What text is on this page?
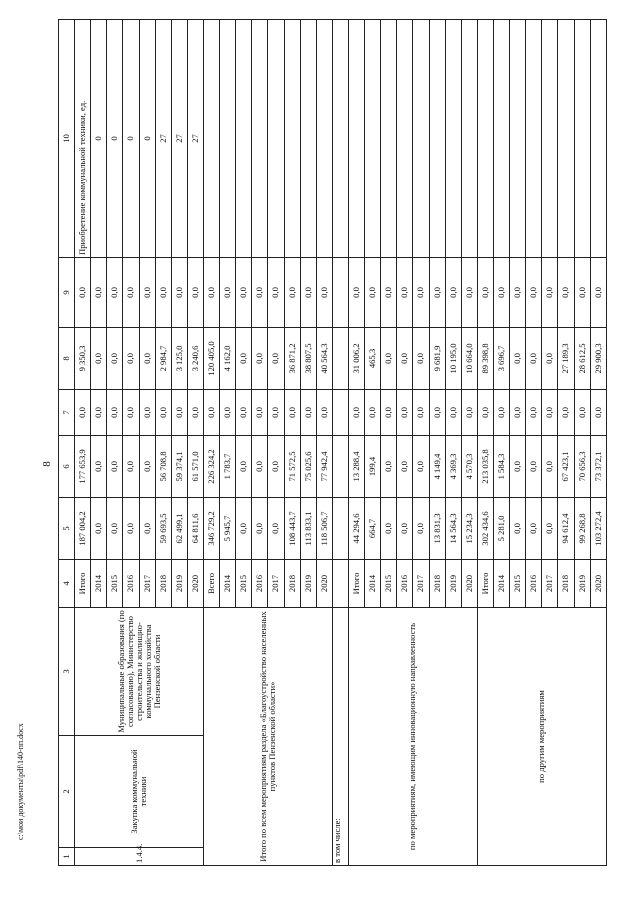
8
c:\мои документы\pdf\140-пп.docx
1	2	3	4	5	6	7	8	9	10
1.4.4.	Закупка коммунальной техники	Муниципальные образования (по согласованию), Министерство строительства и жилищно-коммунального хозяйства Пензенской области	Итого	187 004,2	177 653,9	0,0	9 350,3	0,0	Приобретение коммунальной техники, ед.
			2014	0,0	0,0	0,0	0,0	0,0	0
			2015	0,0	0,0	0,0	0,0	0,0	0
			2016	0,0	0,0	0,0	0,0	0,0	0
			2017	0,0	0,0	0,0	0,0	0,0	0
			2018	59 693,5	56 708,8	0,0	2 984,7	0,0	27
			2019	62 499,1	59 374,1	0,0	3 125,0	0,0	27
			2020	64 811,6	61 571,0	0,0	3 240,6	0,0	27
Итого по всем мероприятиям раздела «Благоустройство населенных пунктов Пензенской области»			Всего	346 729,2	226 324,2	0,0	120 405,0	0,0	
			2014	5 945,7	1 783,7	0,0	4 162,0	0,0	
			2015	0,0	0,0	0,0	0,0	0,0	
			2016	0,0	0,0	0,0	0,0	0,0	
			2017	0,0	0,0	0,0	0,0	0,0	
			2018	108 443,7	71 572,5	0,0	36 871,2	0,0	
			2019	113 833,1	75 025,6	0,0	38 807,5	0,0	
			2020	118 506,7	77 942,4	0,0	40 564,3	0,0	
в том числе:									
по мероприятиям, имеющим инновационную направленность			Итого	44 294,6	13 288,4	0,0	31 006,2	0,0	
			2014	664,7	199,4	0,0	465,3	0,0	
			2015	0,0	0,0	0,0	0,0	0,0	
			2016	0,0	0,0	0,0	0,0	0,0	
			2017	0,0	0,0	0,0	0,0	0,0	
			2018	13 831,3	4 149,4	0,0	9 681,9	0,0	
			2019	14 564,3	4 369,3	0,0	10 195,0	0,0	
			2020	15 234,3	4 570,3	0,0	10 664,0	0,0	
по другим мероприятиям			Итого	302 434,6	213 035,8	0,0	89 398,8	0,0	
			2014	5 281,0	1 584,3	0,0	3 696,7	0,0	
			2015	0,0	0,0	0,0	0,0	0,0	
			2016	0,0	0,0	0,0	0,0	0,0	
			2017	0,0	0,0	0,0	0,0	0,0	
			2018	94 612,4	67 423,1	0,0	27 189,3	0,0	
			2019	99 268,8	70 656,3	0,0	28 612,5	0,0	
			2020	103 272,4	73 372,1	0,0	29 900,3	0,0	
